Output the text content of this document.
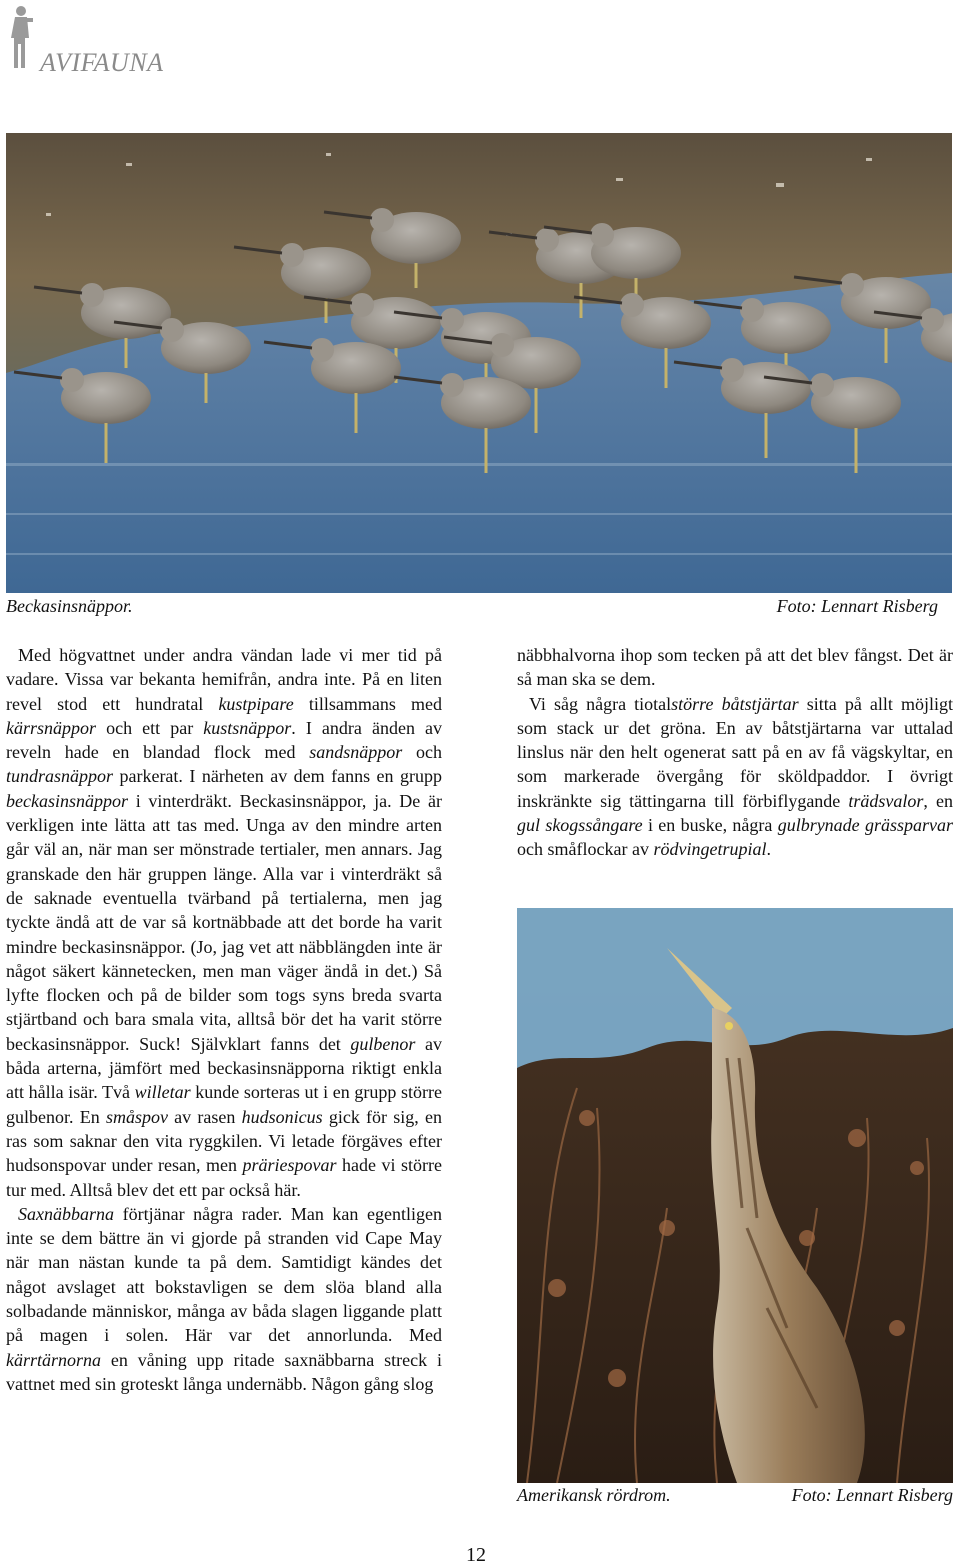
AVIFAUNA
Beckasinsnäppor.	Foto: Lennart Risberg

Med högvattnet under andra vändan lade vi mer tid på vadare. Vissa var bekanta hemifrån, andra inte. På en liten revel stod ett hundratal kustpipare tillsammans med kärrsnäppor och ett par kustsnäppor. I andra änden av reveln hade en blandad flock med sandsnäppor och tundrasnäppor parkerat. I närheten av dem fanns en grupp beckasinsnäppor i vinterdräkt. Beckasinsnäppor, ja. De är verkligen inte lätta att tas med. Unga av den mindre arten går väl an, när man ser mönstrade tertialer, men annars. Jag granskade den här gruppen länge. Alla var i vinterdräkt så de saknade eventuella tvärband på tertialerna, men jag tyckte ändå att de var så kortnäbbade att det borde ha varit mindre beckasinsnäppor. (Jo, jag vet att näbblängden inte är något säkert kännetecken, men man väger ändå in det.) Så lyfte flocken och på de bilder som togs syns breda svarta stjärtband och bara smala vita, alltså bör det ha varit större beckasinsnäppor. Suck! Självklart fanns det gulbenor av båda arterna, jämfört med beckasinsnäpporna riktigt enkla att hålla isär. Två willetar kunde sorteras ut i en grupp större gulbenor. En småspov av rasen hudsonicus gick för sig, en ras som saknar den vita ryggkilen. Vi letade förgäves efter hudsonspovar under resan, men präriespovar hade vi större tur med. Alltså blev det ett par också här.

Saxnäbbarna förtjänar några rader. Man kan egentligen inte se dem bättre än vi gjorde på stranden vid Cape May när man nästan kunde ta på dem. Samtidigt kändes det något avslaget att bokstavligen se dem slöa bland alla solbadande människor, många av båda slagen liggande platt på magen i solen. Här var det annorlunda. Med kärrtärnorna en våning upp ritade saxnäbbarna streck i vattnet med sin groteskt långa undernäbb. Någon gång slog

näbbhalvorna ihop som tecken på att det blev fångst. Det är så man ska se dem.

Vi såg några tiotalstörre båtstjärtar sitta på allt möjligt som stack ur det gröna. En av båtstjärtarna var uttalad linslus när den helt ogenerat satt på en av få vägskyltar, en som markerade övergång för sköldpaddor. I övrigt inskränkte sig tättingarna till förbiflygande trädsvalor, en gul skogssångare i en buske, några gulbrynade grässparvar och småflockar av rödvingetrupial.

Amerikansk rördrom.	Foto: Lennart Risberg
12
